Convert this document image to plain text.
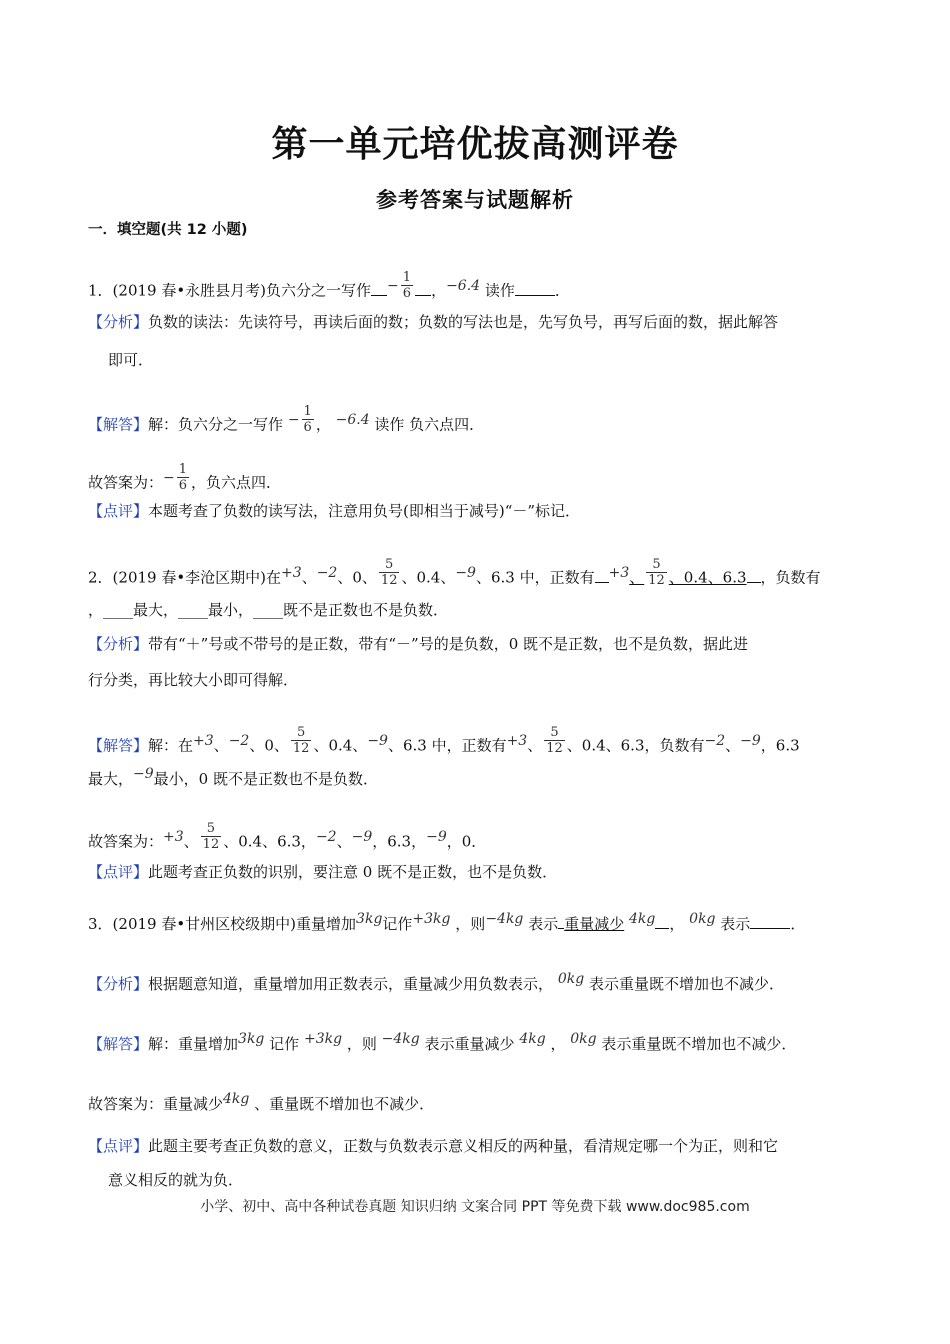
第一单元培优拔高测评卷
参考答案与试题解析
一．填空题(共 12 小题)
1．(2019 春•永胜县月考)负六分之一写作 − $\frac{1}{6}$ ，−6.4 读作	．
【分析】负数的读法：先读符号，再读后面的数；负数的写法也是，先写负号，再写后面的数，据此解答
即可．
【解答】解：负六分之一写作 − $\frac{1}{6}$ ， −6.4 读作 负六点四．
故答案为：− $\frac{1}{6}$ ，负六点四．
【点评】本题考查了负数的读写法，注意用负号(即相当于减号)“－”标记．
2．(2019 春•李沧区期中)在+3、−2、0、 $\frac{5}{12}$ 、0.4、−9、6.3 中，正数有 +3、 $\frac{5}{12}$ 、0.4、6.3 ，负数有
，____最大，____最小，____既不是正数也不是负数．
【分析】带有“＋”号或不带号的是正数，带有“－”号的是负数，0 既不是正数，也不是负数，据此进
行分类，再比较大小即可得解．
【解答】解：在+3、−2、0、 $\frac{5}{12}$ 、0.4、−9、6.3 中，正数有+3、 $\frac{5}{12}$ 、0.4、6.3，负数有−2、−9，6.3
最大，−9最小，0 既不是正数也不是负数．
故答案为：+3、 $\frac{5}{12}$ 、0.4、6.3，−2、−9，6.3，−9，0．
【点评】此题考查正负数的识别，要注意 0 既不是正数，也不是负数．
3．(2019 春•甘州区校级期中)重量增加3kg记作+3kg ，则−4kg 表示 重量减少 4kg ， 0kg 表示	．
【分析】根据题意知道，重量增加用正数表示，重量减少用负数表示， 0kg 表示重量既不增加也不减少．
【解答】解：重量增加3kg 记作 +3kg ，则 −4kg 表示重量减少 4kg ， 0kg 表示重量既不增加也不减少．
故答案为：重量减少4kg 、重量既不增加也不减少．
【点评】此题主要考查正负数的意义，正数与负数表示意义相反的两种量，看清规定哪一个为正，则和它
意义相反的就为负．
小学、初中、高中各种试卷真题 知识归纳 文案合同 PPT 等免费下载 www.doc985.com
